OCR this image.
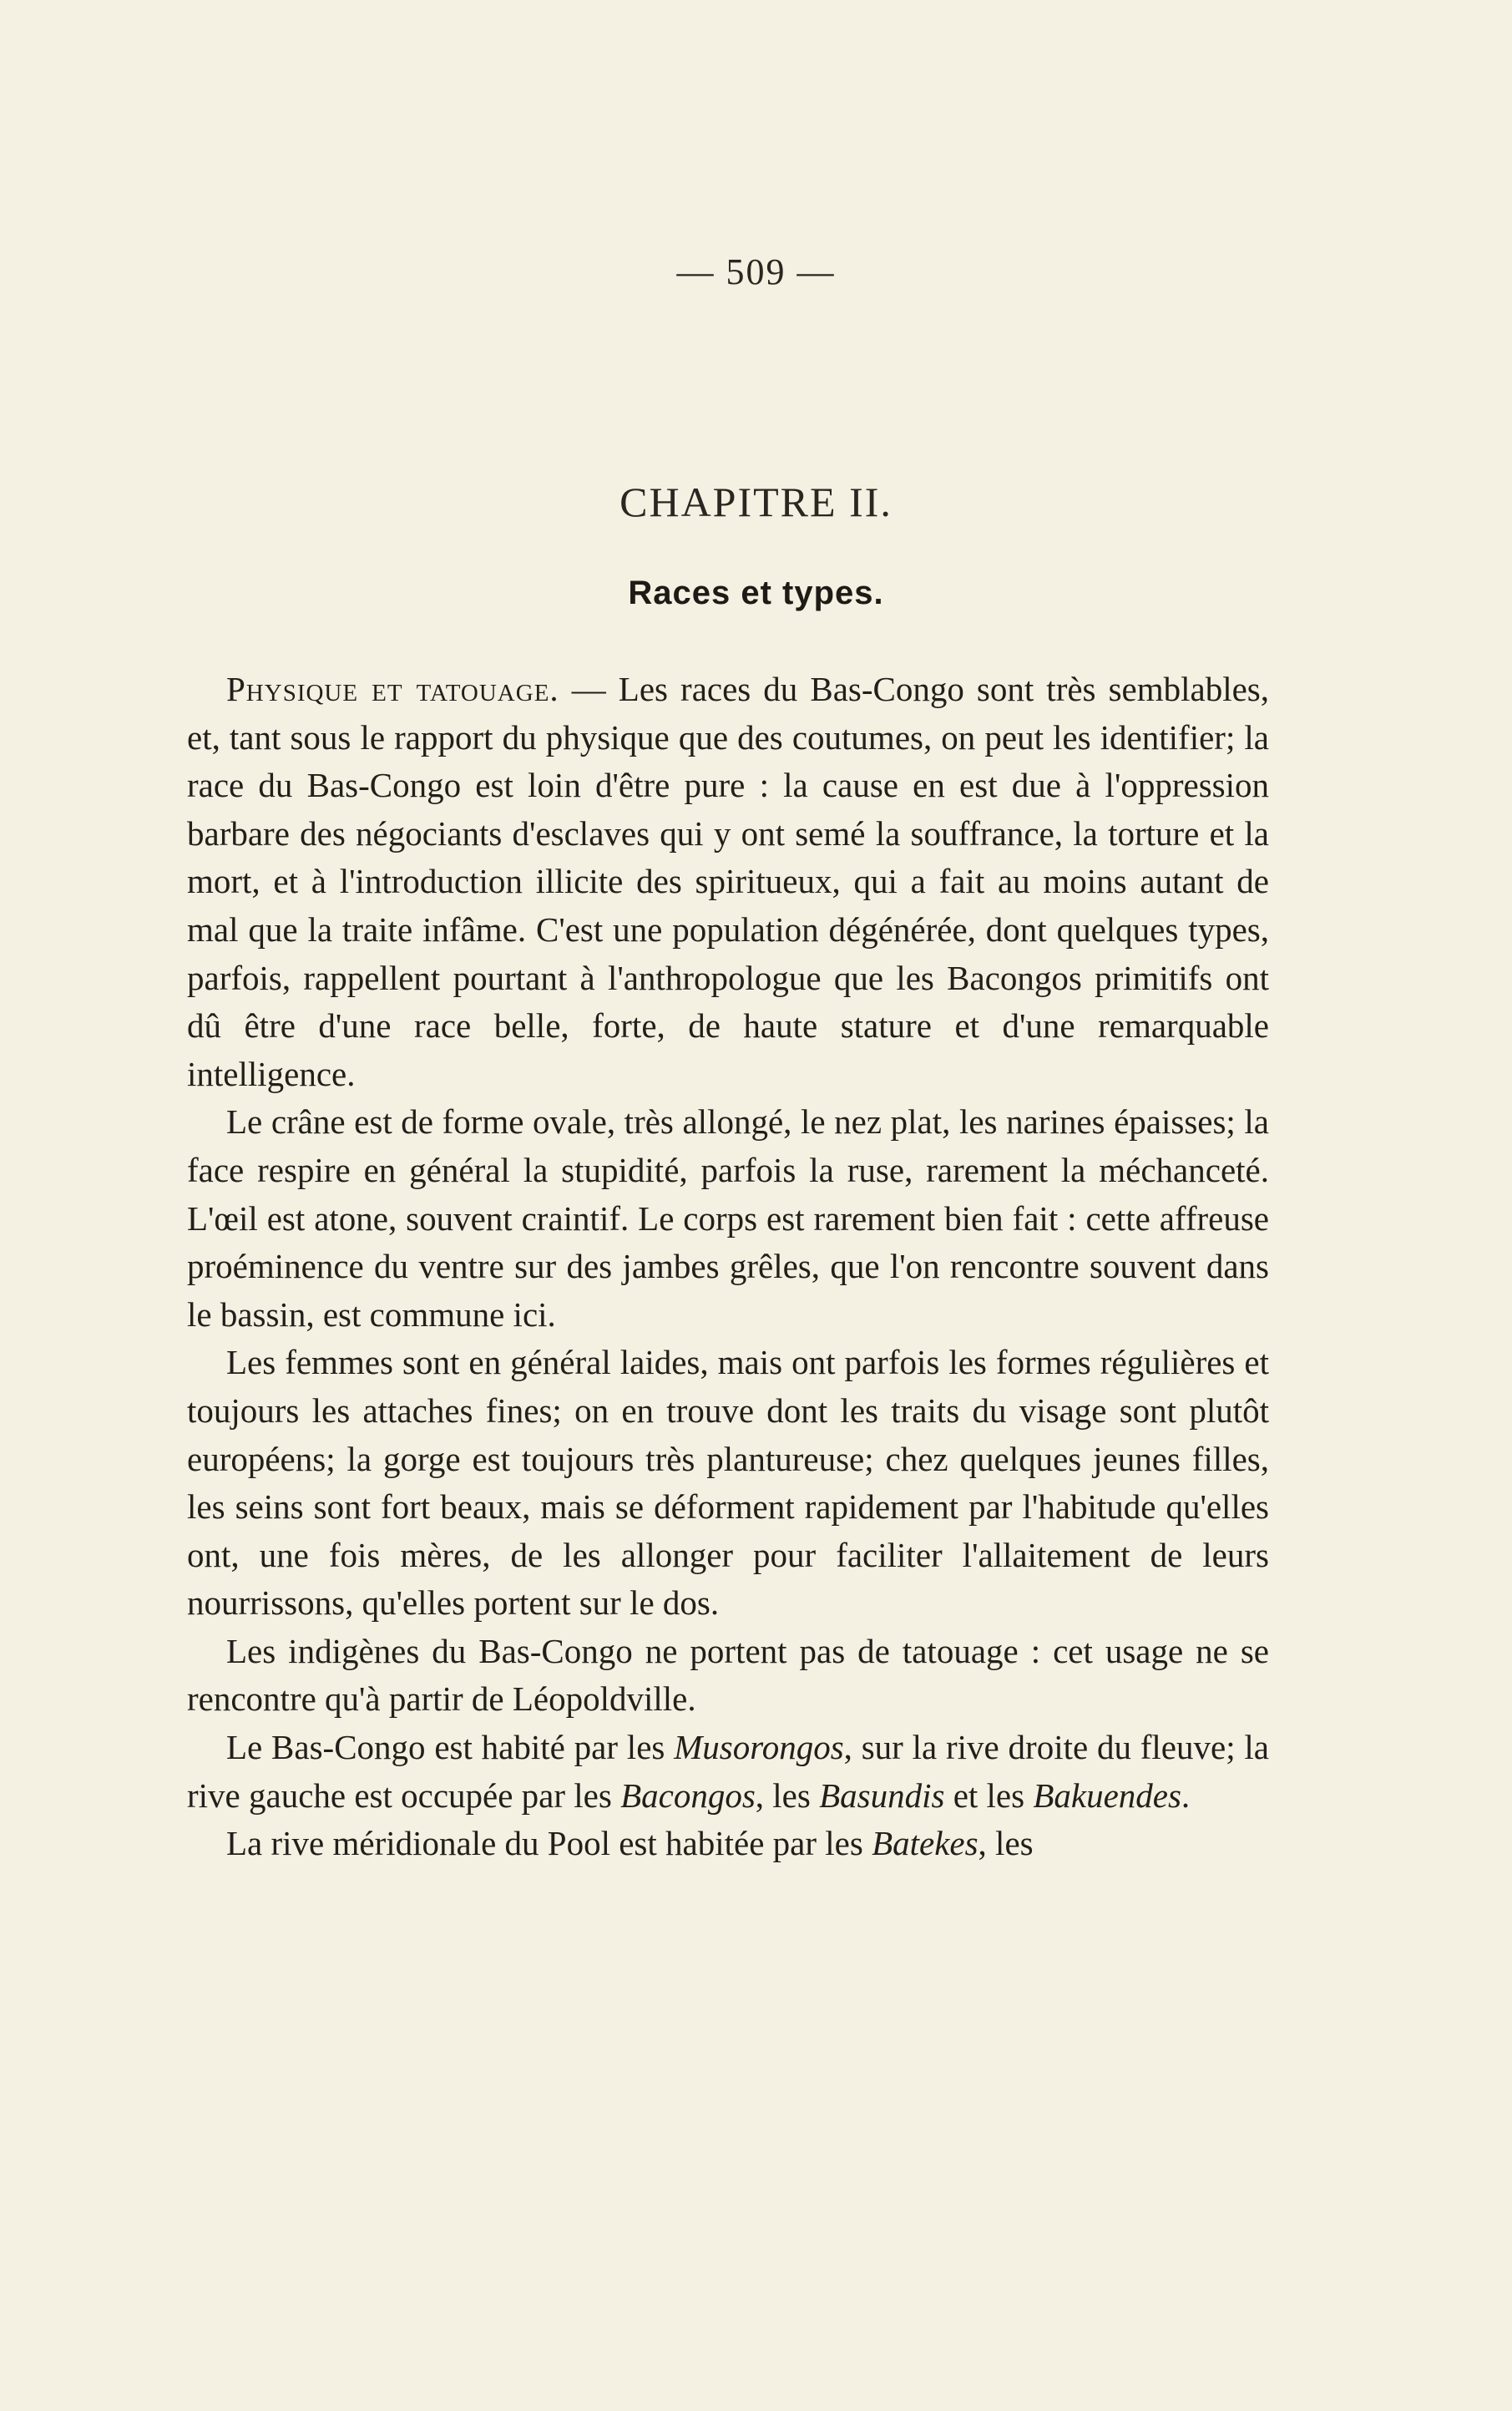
— 509 —
CHAPITRE II.
Races et types.

Physique et tatouage. — Les races du Bas-Congo sont très semblables, et, tant sous le rapport du physique que des coutumes, on peut les identifier; la race du Bas-Congo est loin d'être pure : la cause en est due à l'oppression barbare des négociants d'esclaves qui y ont semé la souffrance, la torture et la mort, et à l'introduction illicite des spiritueux, qui a fait au moins autant de mal que la traite infâme. C'est une population dégénérée, dont quelques types, parfois, rappellent pourtant à l'anthropologue que les Bacongos primitifs ont dû être d'une race belle, forte, de haute stature et d'une remarquable intelligence.

Le crâne est de forme ovale, très allongé, le nez plat, les narines épaisses; la face respire en général la stupidité, parfois la ruse, rarement la méchanceté. L'œil est atone, souvent craintif. Le corps est rarement bien fait : cette affreuse proéminence du ventre sur des jambes grêles, que l'on rencontre souvent dans le bassin, est commune ici.

Les femmes sont en général laides, mais ont parfois les formes régulières et toujours les attaches fines; on en trouve dont les traits du visage sont plutôt européens; la gorge est toujours très plantureuse; chez quelques jeunes filles, les seins sont fort beaux, mais se déforment rapidement par l'habitude qu'elles ont, une fois mères, de les allonger pour faciliter l'allaitement de leurs nourrissons, qu'elles portent sur le dos.

Les indigènes du Bas-Congo ne portent pas de tatouage : cet usage ne se rencontre qu'à partir de Léopoldville.

Le Bas-Congo est habité par les Musorongos, sur la rive droite du fleuve; la rive gauche est occupée par les Bacongos, les Basundis et les Bakuendes.

La rive méridionale du Pool est habitée par les Batekes, les
